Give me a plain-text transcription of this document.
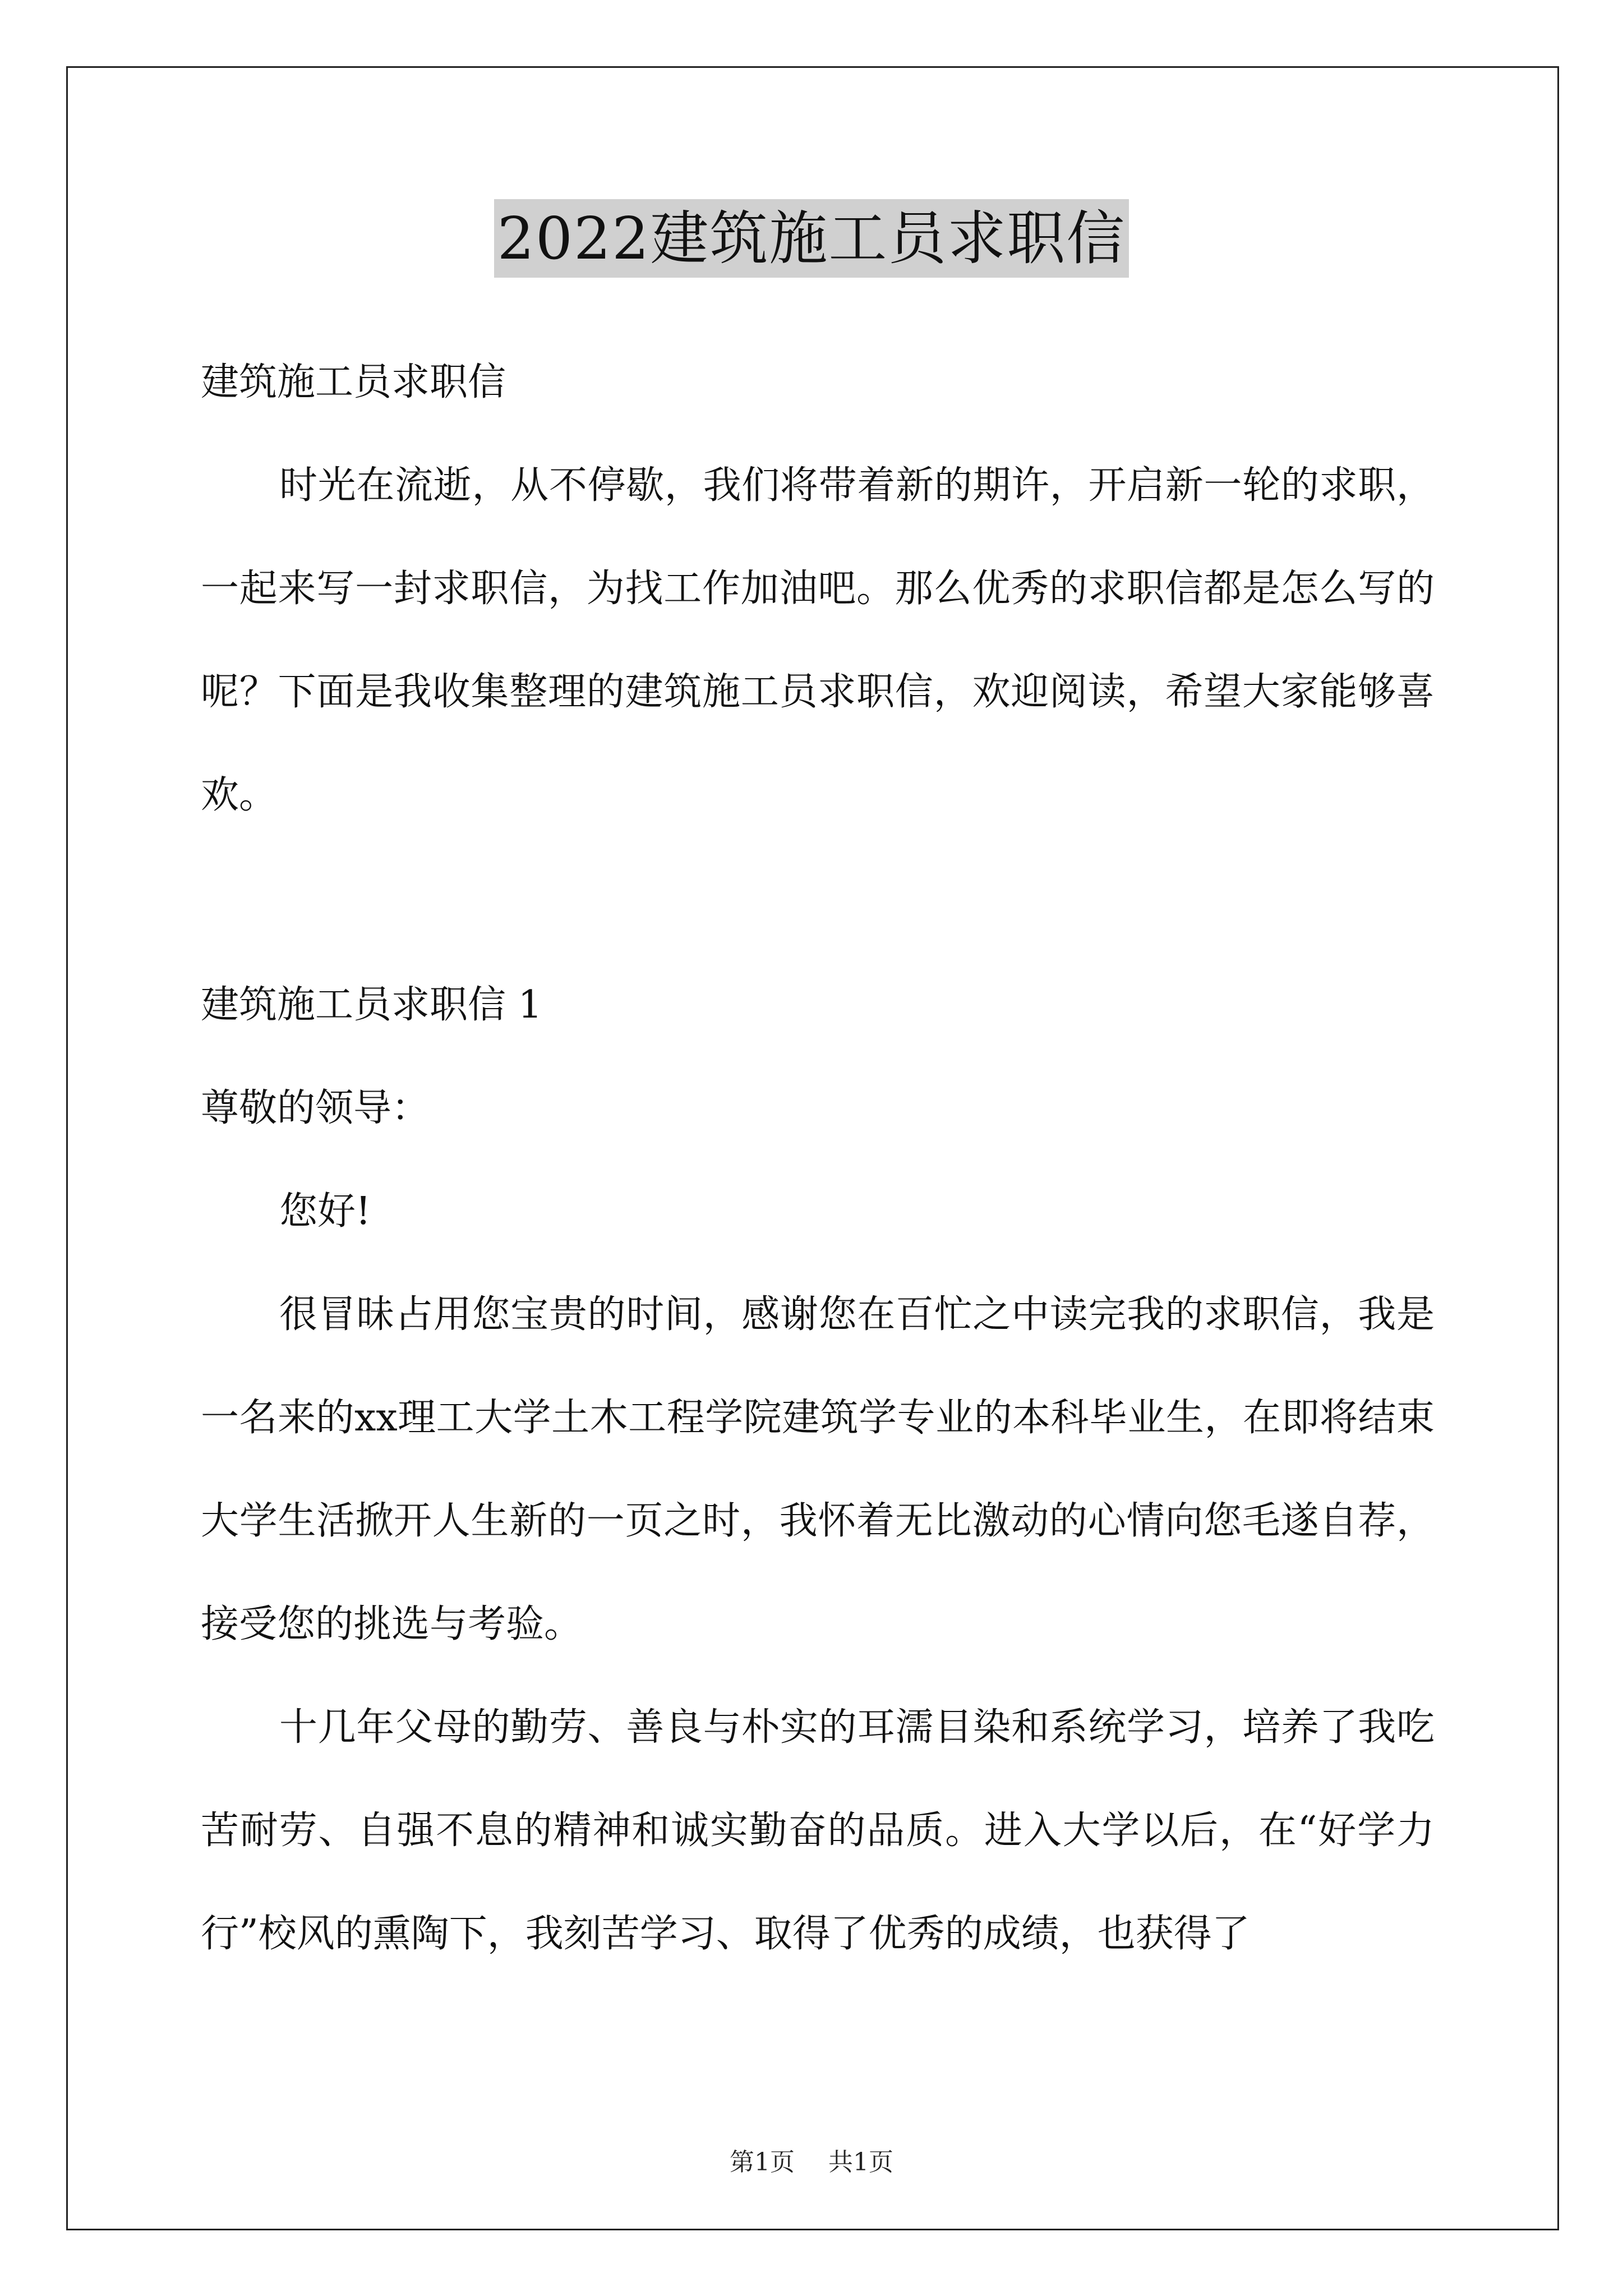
2022建筑施工员求职信

建筑施工员求职信

时光在流逝，从不停歇，我们将带着新的期许，开启新一轮的求职，一起来写一封求职信，为找工作加油吧。那么优秀的求职信都是怎么写的呢？下面是我收集整理的建筑施工员求职信，欢迎阅读，希望大家能够喜欢。

建筑施工员求职信 1

尊敬的领导：

您好!

很冒昧占用您宝贵的时间，感谢您在百忙之中读完我的求职信，我是一名来的xx理工大学土木工程学院建筑学专业的本科毕业生，在即将结束大学生活掀开人生新的一页之时，我怀着无比激动的心情向您毛遂自荐，接受您的挑选与考验。

十几年父母的勤劳、善良与朴实的耳濡目染和系统学习，培养了我吃苦耐劳、自强不息的精神和诚实勤奋的品质。进入大学以后，在“好学力行”校风的熏陶下，我刻苦学习、取得了优秀的成绩，也获得了

第1页 共1页
